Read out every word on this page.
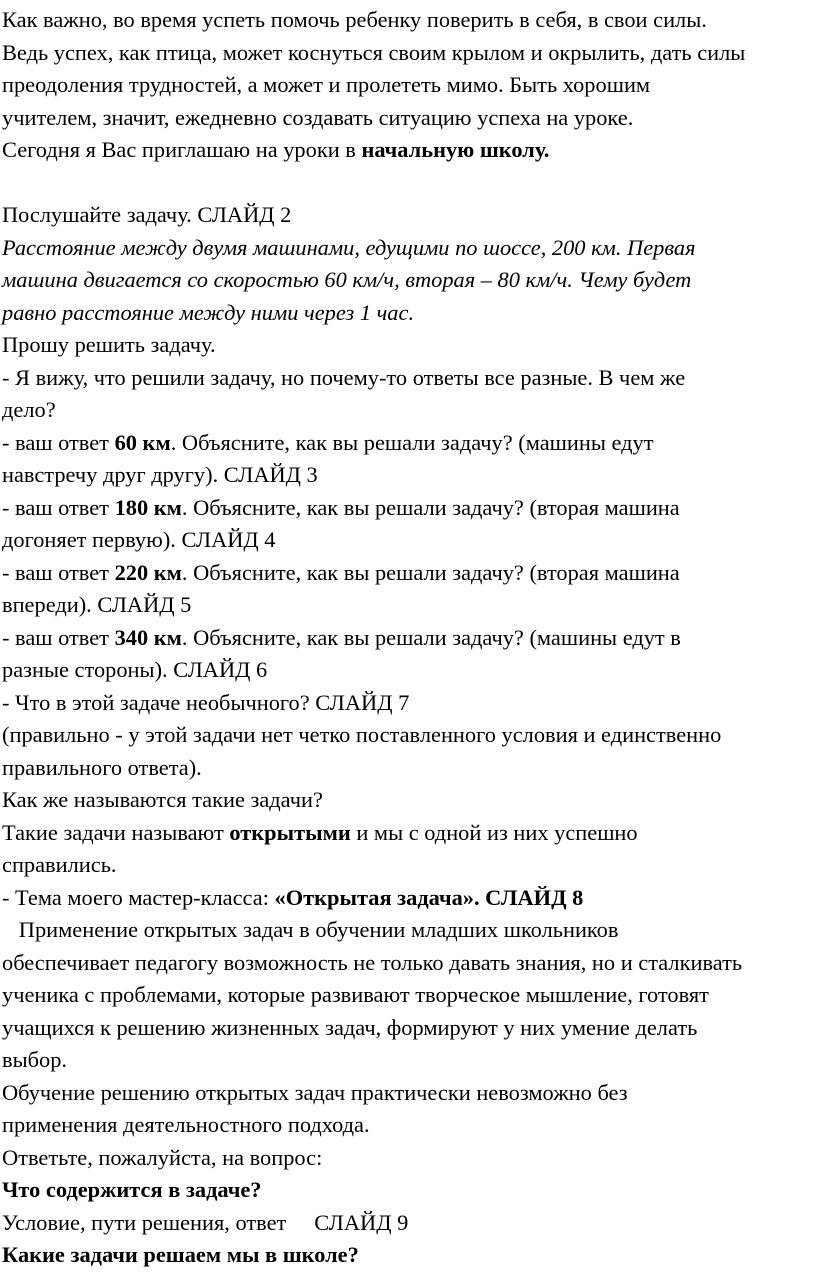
Как важно, во время успеть помочь ребенку поверить в себя, в свои силы.
Ведь успех, как птица, может коснуться своим крылом и окрылить, дать силы
преодоления трудностей, а может и пролететь мимо. Быть хорошим
учителем, значит, ежедневно создавать ситуацию успеха на уроке.
Сегодня я Вас приглашаю на уроки в начальную школу.
Послушайте задачу. СЛАЙД 2
Расстояние между двумя машинами, едущими по шоссе, 200 км. Первая
машина двигается со скоростью 60 км/ч, вторая – 80 км/ч. Чему будет
равно расстояние между ними через 1 час.
Прошу решить задачу.
- Я вижу, что решили задачу, но почему-то ответы все разные. В чем же
дело?
- ваш ответ 60 км. Объясните, как вы решали задачу? (машины едут
навстречу друг другу). СЛАЙД 3
- ваш ответ 180 км. Объясните, как вы решали задачу? (вторая машина
догоняет первую). СЛАЙД 4
- ваш ответ 220 км. Объясните, как вы решали задачу? (вторая машина
впереди). СЛАЙД 5
- ваш ответ 340 км. Объясните, как вы решали задачу? (машины едут в
разные стороны). СЛАЙД 6
- Что в этой задаче необычного? СЛАЙД 7
(правильно - у этой задачи нет четко поставленного условия и единственно
правильного ответа).
Как же называются такие задачи?
Такие задачи называют открытыми и мы с одной из них успешно
справились.
- Тема моего мастер-класса: «Открытая задача». СЛАЙД 8
Применение открытых задач в обучении младших школьников
обеспечивает педагогу возможность не только давать знания, но и сталкивать
ученика с проблемами, которые развивают творческое мышление, готовят
учащихся к решению жизненных задач, формируют у них умение делать
выбор.
Обучение решению открытых задач практически невозможно без
применения деятельностного подхода.
Ответьте, пожалуйста, на вопрос:
Что содержится в задаче?
Условие, пути решения, ответ     СЛАЙД 9
Какие задачи решаем мы в школе?
